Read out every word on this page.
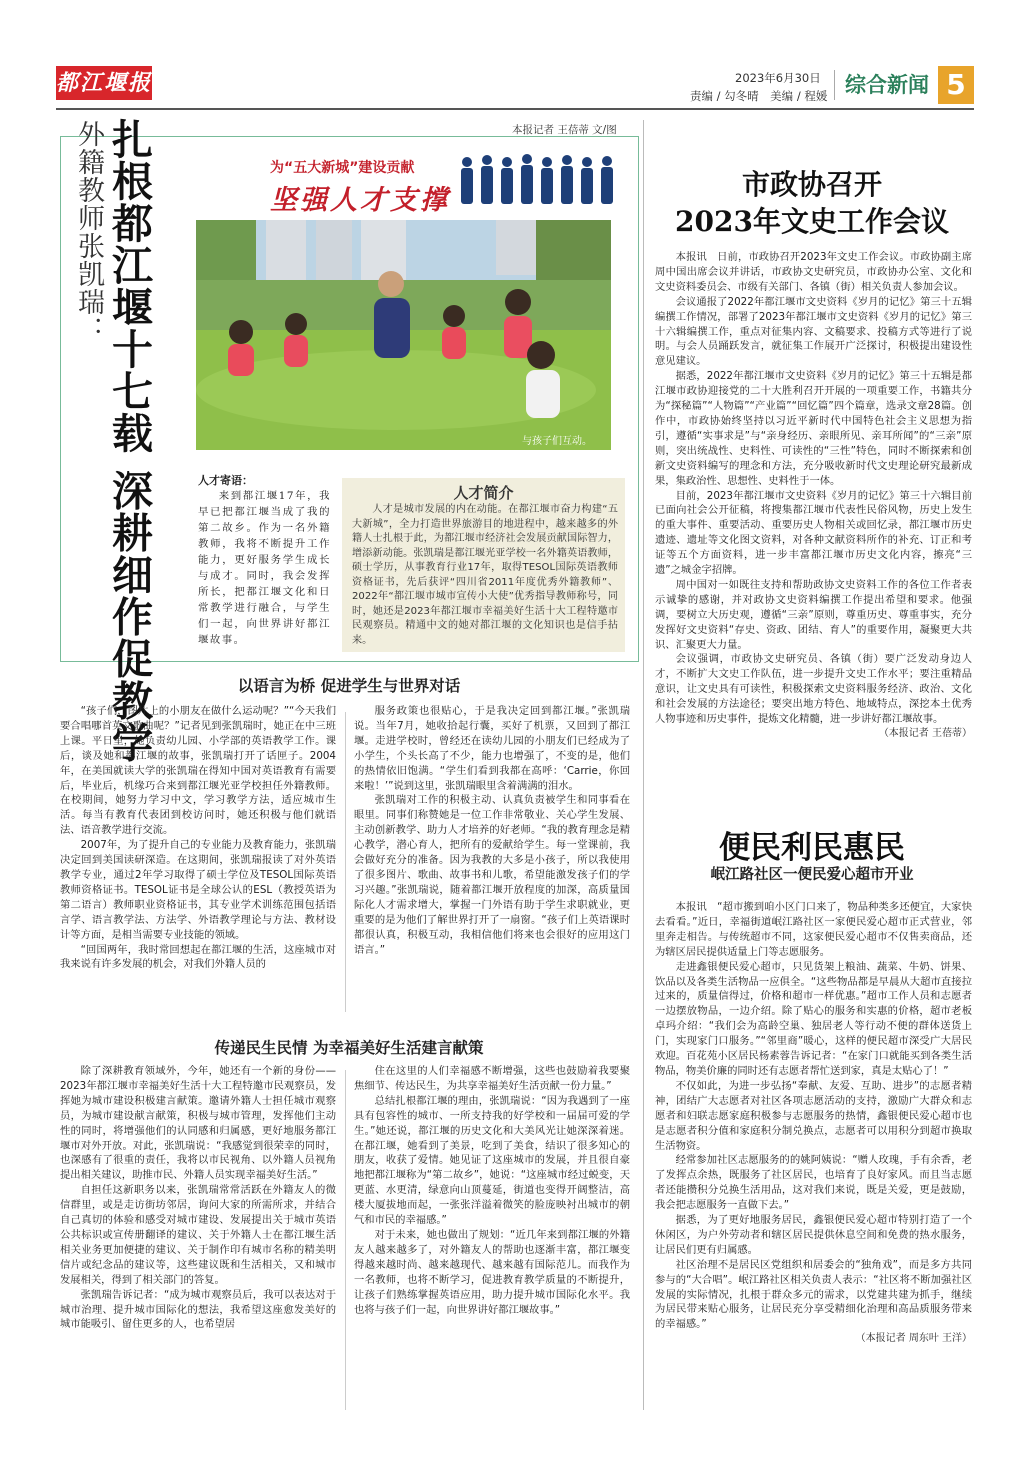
都江堰报	2023年6月30日
责编 / 勾冬晴　美编 / 程媛 综合新闻 5
本报记者 王蓓蒂 文/图
外籍教师张凯瑞： 扎根都江堰十七载 深耕细作促教学	为“五大新城”建设贡献
坚强人才支撑
与孩子们互动。
人才寄语：
来到都江堰17年，我早已把都江堰当成了我的第二故乡。作为一名外籍教师，我将不断提升工作能力，更好服务学生成长与成才。同时，我会发挥所长，把都江堰文化和日常教学进行融合，与学生们一起，向世界讲好都江堰故事。
人才简介
人才是城市发展的内在动能。在都江堰市奋力构建“五大新城”，全力打造世界旅游目的地进程中，越来越多的外籍人士扎根于此，为都江堰市经济社会发展贡献国际智力，增添新动能。张凯瑞是都江堰光亚学校一名外籍英语教师，硕士学历，从事教育行业17年，取得TESOL国际英语教师资格证书，先后获评“四川省2011年度优秀外籍教师”、2022年“都江堰市城市宣传小大使”优秀指导教师称号，同时，她还是2023年都江堰市幸福美好生活十大工程特邀市民观察员。精通中文的她对都江堰的文化知识也是信手拈来。
以语言为桥 促进学生与世界对话

“孩子们，图片上的小朋友在做什么运动呢？”“今天我们要合唱哪首英文歌曲呢？”记者见到张凯瑞时，她正在中三班上课。平日里，她负责幼儿园、小学部的英语教学工作。课后，谈及她和都江堰的故事，张凯瑞打开了话匣子。2004年，在美国就读大学的张凯瑞在得知中国对英语教育有需要后，毕业后，机缘巧合来到都江堰光亚学校担任外籍教师。在校期间，她努力学习中文，学习教学方法，适应城市生活。每当有教育代表团到校访问时，她还积极与他们就语法、语音教学进行交流。

2007年，为了提升自己的专业能力及教育能力，张凯瑞决定回到美国读研深造。在这期间，张凯瑞报读了对外英语教学专业，通过2年学习取得了硕士学位及TESOL国际英语教师资格证书。TESOL证书是全球公认的ESL（教授英语为第二语言）教师职业资格证书，其专业学术训练范围包括语言学、语言教学法、方法学、外语教学理论与方法、教材设计等方面，是相当需要专业技能的领域。

“回国两年，我时常回想起在都江堰的生活，这座城市对我来说有许多发展的机会，对我们外籍人员的

服务政策也很贴心，于是我决定回到都江堰。”张凯瑞说。当年7月，她收拾起行囊，买好了机票，又回到了都江堰。走进学校时，曾经还在读幼儿园的小朋友们已经成为了小学生，个头长高了不少，能力也增强了，不变的是，他们的热情依旧饱满。“学生们看到我都在高呼：‘Carrie，你回来啦！’”说到这里，张凯瑞眼里含着满满的泪水。

张凯瑞对工作的积极主动、认真负责被学生和同事看在眼里。同事们称赞她是一位工作非常敬业、关心学生发展、主动创新教学、助力人才培养的好老师。“我的教育理念是精心教学，潜心育人，把所有的爱献给学生。每一堂课前，我会做好充分的准备。因为我教的大多是小孩子，所以我使用了很多图片、歌曲、故事书和儿歌，希望能激发孩子们的学习兴趣。”张凯瑞说，随着都江堰开放程度的加深，高质量国际化人才需求增大，掌握一门外语有助于学生求职就业，更重要的是为他们了解世界打开了一扇窗。“孩子们上英语课时都很认真，积极互动，我相信他们将来也会很好的应用这门语言。”

传递民生民情 为幸福美好生活建言献策

除了深耕教育领域外，今年，她还有一个新的身份——2023年都江堰市幸福美好生活十大工程特邀市民观察员，发挥她为城市建设积极建言献策。邀请外籍人士担任城市观察员，为城市建设献言献策，积极与城市管理，发挥他们主动性的同时，将增强他们的认同感和归属感，更好地服务都江堰市对外开放。对此，张凯瑞说：“我感觉到很荣幸的同时，也深感有了很重的责任，我将以市民视角、以外籍人员视角提出相关建议，助推市民、外籍人员实现幸福美好生活。”

自担任这新职务以来，张凯瑞常常活跃在外籍友人的微信群里，或是走访街坊邻居，询问大家的所需所求，并结合自己真切的体验和感受对城市建设、发展提出关于城市英语公共标识或宣传册翻译的建议、关于外籍人士在都江堰生活相关业务更加便捷的建议、关于制作印有城市名称的精美明信片或纪念品的建议等，这些建议既和生活相关，又和城市发展相关，得到了相关部门的答复。

张凯瑞告诉记者：“成为城市观察员后，我可以表达对于城市治理、提升城市国际化的想法，我希望这座愈发美好的城市能吸引、留住更多的人，也希望居

住在这里的人们幸福感不断增强，这些也鼓励着我要聚焦细节、传达民生，为共享幸福美好生活贡献一份力量。”

总结扎根都江堰的理由，张凯瑞说：“因为我遇到了一座具有包容性的城市、一所支持我的好学校和一届届可爱的学生。”她还说，都江堰的历史文化和大美风光让她深深着迷。在都江堰，她看到了美景，吃到了美食，结识了很多知心的朋友，收获了爱情。她见证了这座城市的发展，并且很自豪地把都江堰称为“第二故乡”，她说：“这座城市经过蜕变，天更蓝、水更清，绿意向山顶蔓延，街道也变得开阔整洁，高楼大厦拔地而起，一张张洋溢着微笑的脸庞映衬出城市的朝气和市民的幸福感。”

对于未来，她也做出了规划：“近几年来到都江堰的外籍友人越来越多了，对外籍友人的帮助也逐渐丰富，都江堰变得越来越时尚、越来越现代、越来越有国际范儿。而我作为一名教师，也将不断学习，促进教育教学质量的不断提升，让孩子们熟练掌握英语应用，助力提升城市国际化水平。我也将与孩子们一起，向世界讲好都江堰故事。”

市政协召开
2023年文史工作会议

本报讯　日前，市政协召开2023年文史工作会议。市政协副主席周中国出席会议并讲话，市政协文史研究员，市政协办公室、文化和文史资料委员会、市级有关部门、各镇（街）相关负责人参加会议。

会议通报了2022年都江堰市文史资料《岁月的记忆》第三十五辑编撰工作情况，部署了2023年都江堰市文史资料《岁月的记忆》第三十六辑编撰工作，重点对征集内容、文稿要求、投稿方式等进行了说明。与会人员踊跃发言，就征集工作展开广泛探讨，积极提出建设性意见建议。

据悉，2022年都江堰市文史资料《岁月的记忆》第三十五辑是都江堰市政协迎接党的二十大胜利召开开展的一项重要工作，书籍共分为“探秘篇”“人物篇”“产业篇”“回忆篇”四个篇章，选录文章28篇。创作中，市政协始终坚持以习近平新时代中国特色社会主义思想为指引，遵循“实事求是”与“亲身经历、亲眼所见、亲耳所闻”的“三亲”原则，突出统战性、史料性、可读性的“三性”特色，同时不断探索和创新文史资料编写的理念和方法，充分吸收新时代文史理论研究最新成果，集政治性、思想性、史料性于一体。

目前，2023年都江堰市文史资料《岁月的记忆》第三十六辑目前已面向社会公开征稿，将搜集都江堰市代表性民俗风物，历史上发生的重大事件、重要活动、重要历史人物相关或回忆录，都江堰市历史遗迹、遗址等文化图文资料，对各种文献资料所作的补充、订正和考证等五个方面资料，进一步丰富都江堰市历史文化内容，擦亮“三遗”之城金字招牌。

周中国对一如既往支持和帮助政协文史资料工作的各位工作者表示诚挚的感谢，并对政协文史资料编撰工作提出希望和要求。他强调，要树立大历史观，遵循“三亲”原则，尊重历史、尊重事实，充分发挥好文史资料“存史、资政、团结、育人”的重要作用，凝聚更大共识、汇聚更大力量。

会议强调，市政协文史研究员、各镇（街）要广泛发动身边人才，不断扩大文史工作队伍，进一步提升文史工作水平；要注重精品意识，让文史具有可读性，积极探索文史资料服务经济、政治、文化和社会发展的方法途径；要突出地方特色、地域特点，深挖本土优秀人物事迹和历史事件，提炼文化精髓，进一步讲好都江堰故事。

（本报记者 王蓓蒂）
便民利民惠民
岷江路社区一便民爱心超市开业

本报讯　“超市搬到咱小区门口来了，物品种类多还便宜，大家快去看看。”近日，幸福街道岷江路社区一家便民爱心超市正式营业，邻里奔走相告。与传统超市不同，这家便民爱心超市不仅售卖商品，还为辖区居民提供适量上门等志愿服务。

走进鑫银便民爱心超市，只见货架上粮油、蔬菜、牛奶、饼果、饮品以及各类生活物品一应俱全。“这些物品都是早晨从大超市直接拉过来的，质量信得过，价格和超市一样优惠。”超市工作人员和志愿者一边摆放物品，一边介绍。除了贴心的服务和实惠的价格，超市老板卓玛介绍：“我们会为高龄空巢、独居老人等行动不便的群体送货上门，实现家门口服务。”“邻里商”暖心，这样的便民超市深受广大居民欢迎。百花苑小区居民杨素蓉告诉记者：“在家门口就能买到各类生活物品，物美价廉的同时还有志愿者帮忙送到家，真是太贴心了！”

不仅如此，为进一步弘扬“奉献、友爱、互助、进步”的志愿者精神，团结广大志愿者对社区各项志愿活动的支持，激励广大群众和志愿者和妇联志愿家庭积极参与志愿服务的热情，鑫银便民爱心超市也是志愿者积分值和家庭积分制兑换点，志愿者可以用积分到超市换取生活物资。

经常参加社区志愿服务的的姚阿姨说：“赠人玫瑰，手有余香，老了发挥点余热，既服务了社区居民，也培育了良好家风。而且当志愿者还能攒积分兑换生活用品，这对我们来说，既是关爱，更是鼓励，我会把志愿服务一直做下去。”

据悉，为了更好地服务居民，鑫银便民爱心超市特别打造了一个休闲区，为户外劳动者和辖区居民提供休息空间和免费的热水服务，让居民们更有归属感。

社区治理不是居民区党组织和居委会的“独角戏”，而是多方共同参与的“大合唱”。岷江路社区相关负责人表示：“社区将不断加强社区发展的实际情况，扎根于群众多元的需求，以党建共建为抓手，继续为居民带来贴心服务，让居民充分享受精细化治理和高品质服务带来的幸福感。”

（本报记者 周东叶 王洋）
